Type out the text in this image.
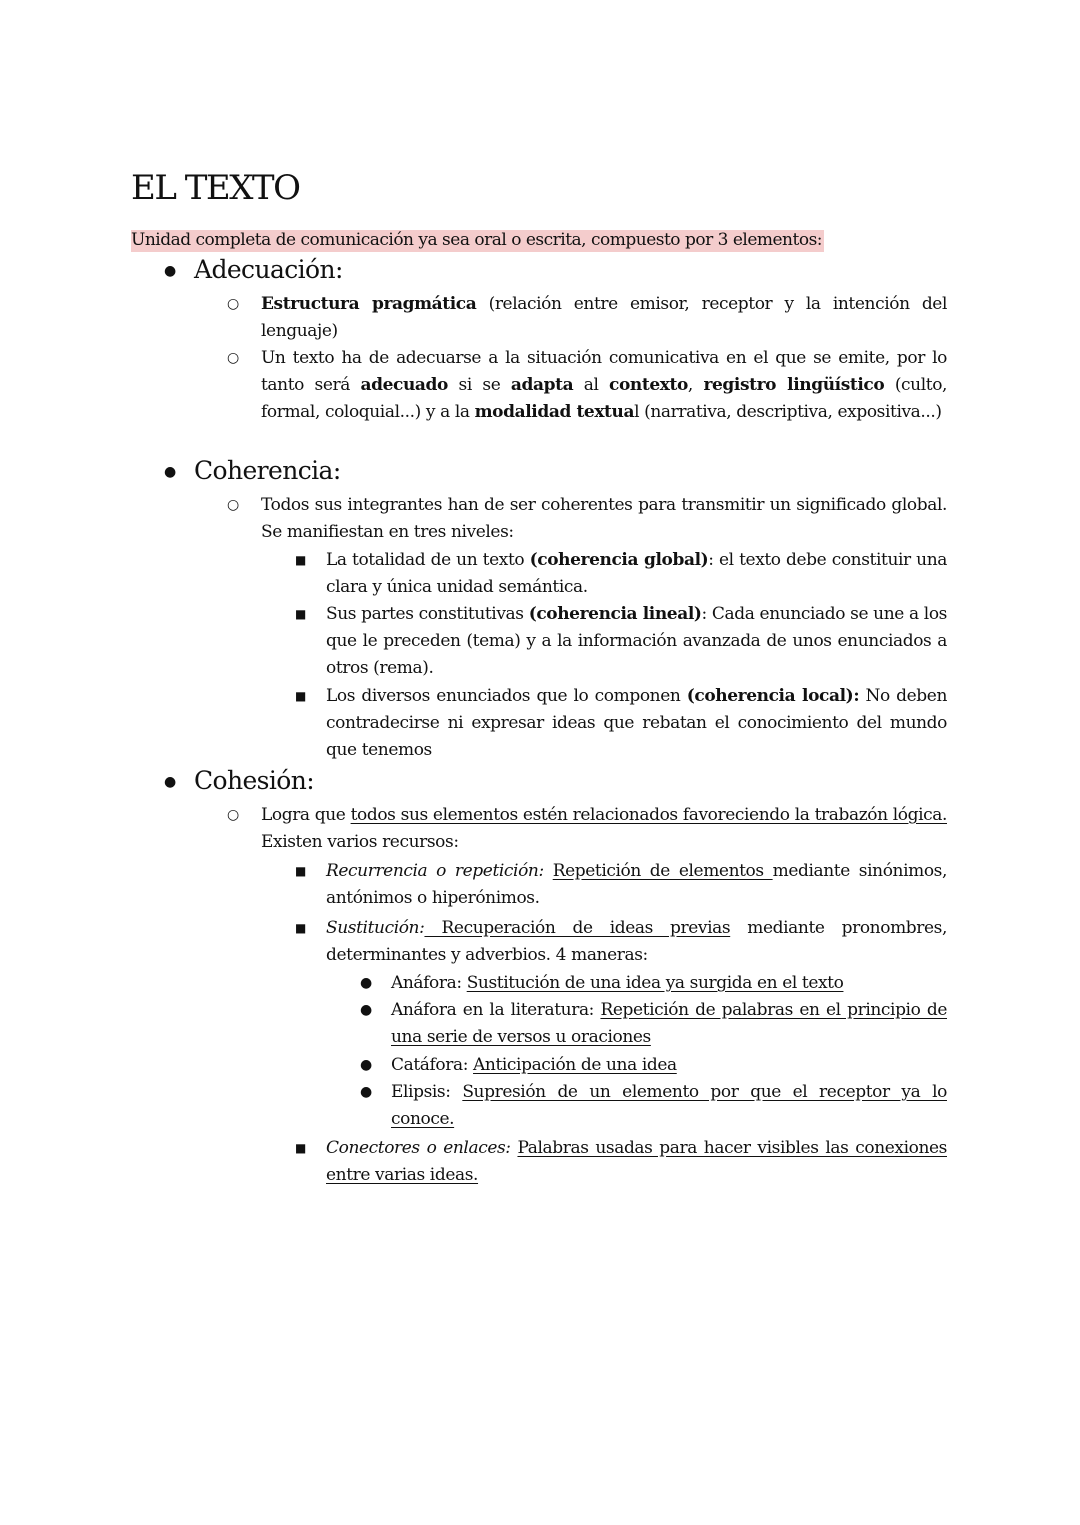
EL TEXTO
Unidad completa de comunicación ya sea oral o escrita, compuesto por 3 elementos:
● Adecuación:
○ Estructura pragmática (relación entre emisor, receptor y la intención del lenguaje)
○ Un texto ha de adecuarse a la situación comunicativa en el que se emite, por lo tanto será adecuado si se adapta al contexto, registro lingüístico (culto, formal, coloquial...) y a la modalidad textual (narrativa, descriptiva, expositiva...)
● Coherencia:
○ Todos sus integrantes han de ser coherentes para transmitir un significado global. Se manifiestan en tres niveles:
■ La totalidad de un texto (coherencia global): el texto debe constituir una clara y única unidad semántica.
■ Sus partes constitutivas (coherencia lineal): Cada enunciado se une a los que le preceden (tema) y a la información avanzada de unos enunciados a otros (rema).
■ Los diversos enunciados que lo componen (coherencia local): No deben contradecirse ni expresar ideas que rebatan el conocimiento del mundo que tenemos
● Cohesión:
○ Logra que todos sus elementos estén relacionados favoreciendo la trabazón lógica. Existen varios recursos:
■ Recurrencia o repetición: Repetición de elementos mediante sinónimos, antónimos o hiperónimos.
■ Sustitución: Recuperación de ideas previas mediante pronombres, determinantes y adverbios. 4 maneras:
● Anáfora: Sustitución de una idea ya surgida en el texto
● Anáfora en la literatura: Repetición de palabras en el principio de una serie de versos u oraciones
● Catáfora: Anticipación de una idea
● Elipsis: Supresión de un elemento por que el receptor ya lo conoce.
■ Conectores o enlaces: Palabras usadas para hacer visibles las conexiones entre varias ideas.
